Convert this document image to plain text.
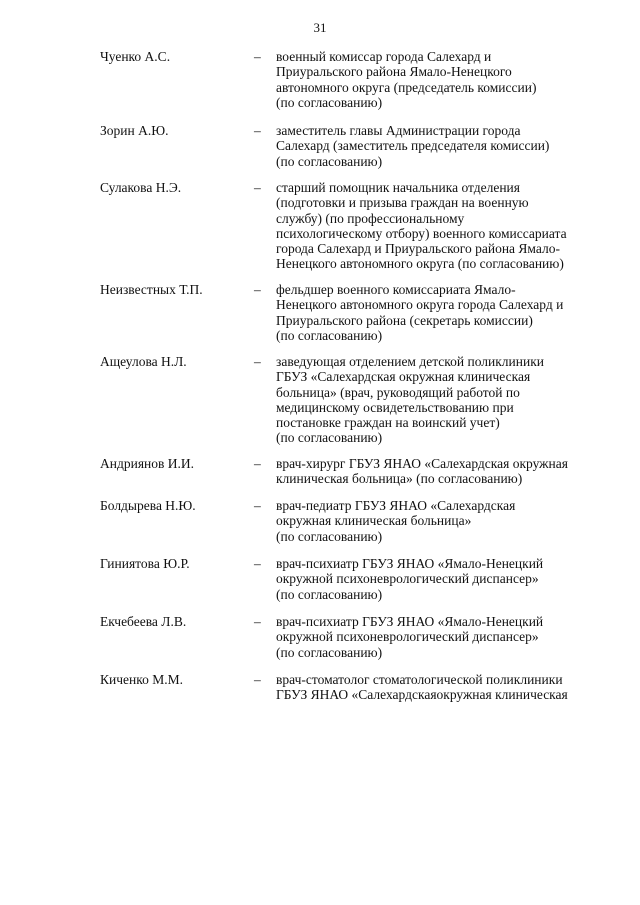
31
Чуенко А.С.	– военный комиссар города Салехард и
Приуральского района Ямало-Ненецкого
автономного округа (председатель комиссии)
(по согласованию)
Зорин А.Ю.	– заместитель главы Администрации города
Салехард (заместитель председателя комиссии)
(по согласованию)
Сулакова Н.Э.	– старший помощник начальника отделения
(подготовки и призыва граждан на военную
службу) (по профессиональному
психологическому отбору) военного комиссариата
города Салехард и Приуральского района Ямало-
Ненецкого автономного округа (по согласованию)
Неизвестных Т.П.	– фельдшер военного комиссариата Ямало-
Ненецкого автономного округа города Салехард и
Приуральского района (секретарь комиссии)
(по согласованию)
Ащеулова Н.Л.	– заведующая отделением детской поликлиники
ГБУЗ «Салехардская окружная клиническая
больница» (врач, руководящий работой по
медицинскому освидетельствованию при
постановке граждан на воинский учет)
(по согласованию)
Андриянов И.И.	– врач-хирург ГБУЗ ЯНАО «Салехардская окружная
клиническая больница» (по согласованию)
Болдырева Н.Ю.	– врач-педиатр ГБУЗ ЯНАО «Салехардская
окружная клиническая больница»
(по согласованию)
Гиниятова Ю.Р.	– врач-психиатр ГБУЗ ЯНАО «Ямало-Ненецкий
окружной психоневрологический диспансер»
(по согласованию)
Екчебеева Л.В.	– врач-психиатр ГБУЗ ЯНАО «Ямало-Ненецкий
окружной психоневрологический диспансер»
(по согласованию)
Киченко М.М.	– врач-стоматолог стоматологической поликлиники
ГБУЗ ЯНАО «Салехардскаяокружная клиническая
